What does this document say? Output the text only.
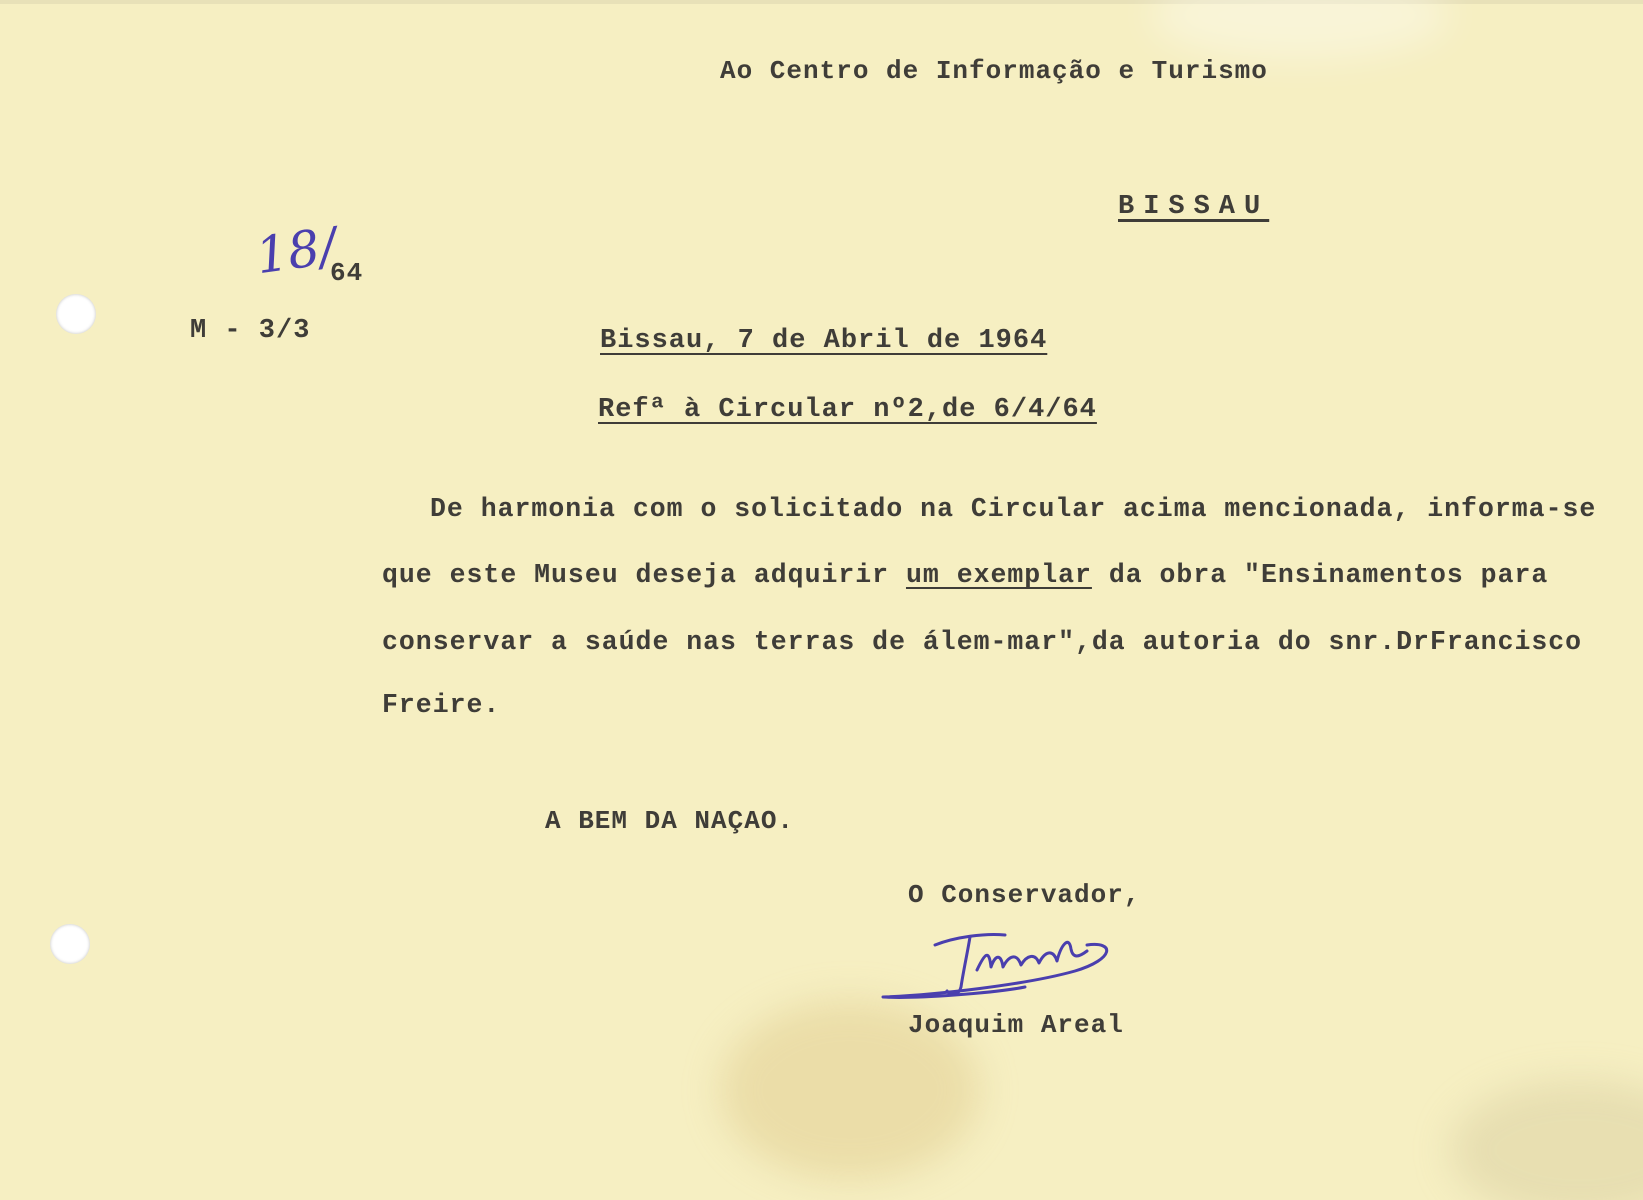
Ao Centro de Informação e Turismo
BISSAU
18/
64
M - 3/3	Bissau, 7 de Abril de 1964
Refª à Circular nº2,de 6/4/64
De harmonia com o solicitado na Circular acima mencionada, informa-se
que este Museu deseja adquirir um exemplar da obra "Ensinamentos para
conservar a saúde nas terras de álem-mar",da autoria do snr.DrFrancisco
Freire.
A BEM DA NAÇAO.
O Conservador,
Joaquim Areal
